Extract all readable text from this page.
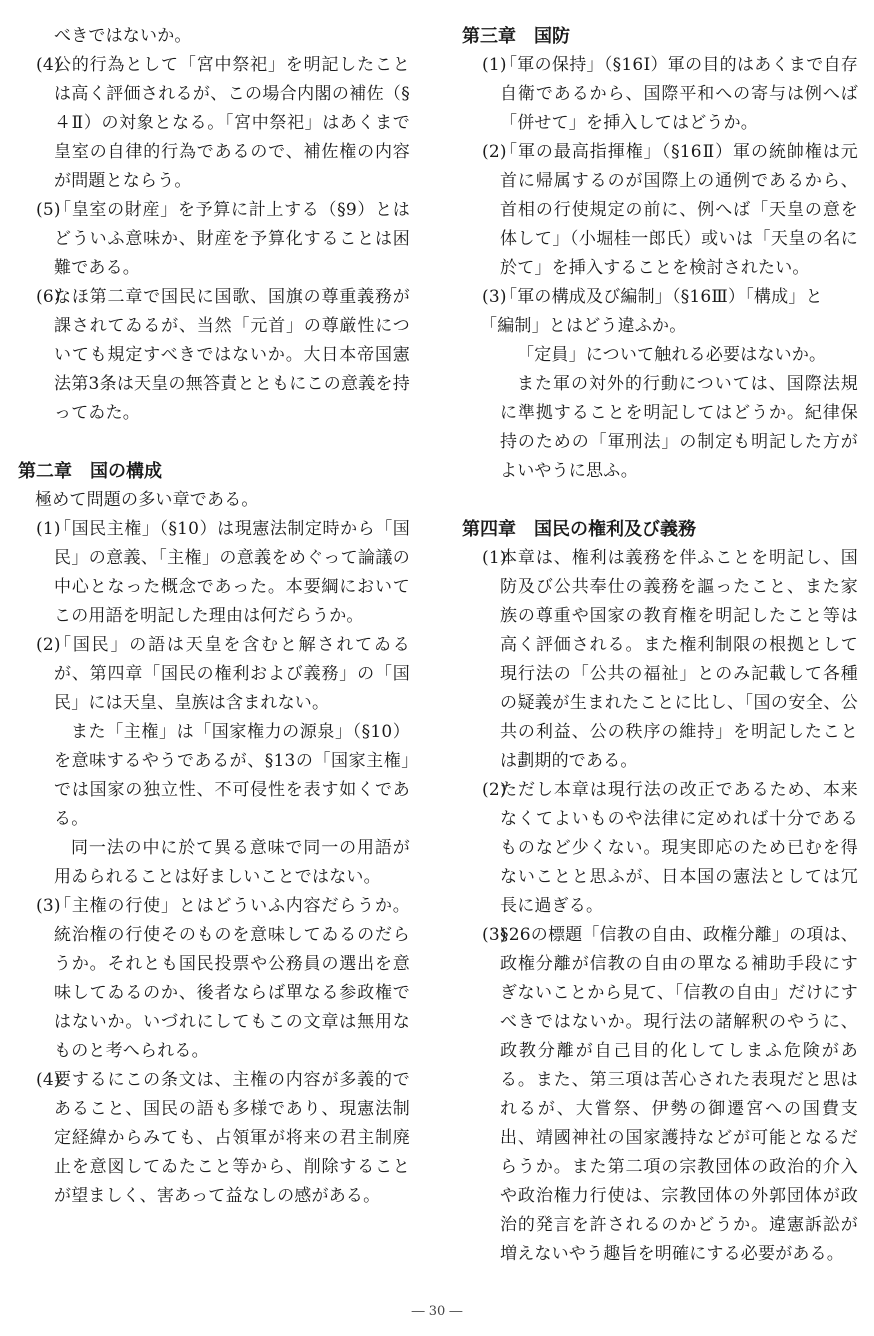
べきではないか。

(4)
公的行為として「宮中祭祀」を明記したことは高く評価されるが、この場合内閣の補佐（§４Ⅱ）の対象となる。「宮中祭祀」はあくまで皇室の自律的行為であるので、補佐権の内容が問題とならう。

(5)
「皇室の財産」を予算に計上する（§9）とはどういふ意味か、財産を予算化することは困難である。

(6)
なほ第二章で国民に国歌、国旗の尊重義務が課されてゐるが、当然「元首」の尊厳性についても規定すべきではないか。大日本帝国憲法第3条は天皇の無答責とともにこの意義を持ってゐた。

第二章　国の構成

極めて問題の多い章である。

(1)
「国民主権」（§10）は現憲法制定時から「国民」の意義、「主権」の意義をめぐって論議の中心となった概念であった。本要綱においてこの用語を明記した理由は何だらうか。

(2)
「国民」の語は天皇を含むと解されてゐるが、第四章「国民の権利および義務」の「国民」には天皇、皇族は含まれない。

また「主権」は「国家権力の源泉」（§10）を意味するやうであるが、§13の「国家主権」では国家の独立性、不可侵性を表す如くである。

同一法の中に於て異る意味で同一の用語が用ゐられることは好ましいことではない。

(3)
「主権の行使」とはどういふ内容だらうか。統治権の行使そのものを意味してゐるのだらうか。それとも国民投票や公務員の選出を意味してゐるのか、後者ならば單なる参政権ではないか。いづれにしてもこの文章は無用なものと考へられる。

(4)
要するにこの条文は、主権の内容が多義的であること、国民の語も多様であり、現憲法制定経緯からみても、占領軍が将来の君主制廃止を意図してゐたこと等から、削除することが望ましく、害あって益なしの感がある。

第三章　国防

(1)
「軍の保持」（§16Ⅰ）軍の目的はあくまで自存自衛であるから、国際平和への寄与は例へば「併せて」を挿入してはどうか。

(2)
「軍の最高指揮権」（§16Ⅱ）軍の統帥権は元首に帰属するのが国際上の通例であるから、首相の行使規定の前に、例へば「天皇の意を体して」（小堀桂一郎氏）或いは「天皇の名に於て」を挿入することを検討されたい。

(3)
「軍の構成及び編制」（§16Ⅲ）「構成」と

「編制」とはどう違ふか。

「定員」について触れる必要はないか。

また軍の対外的行動については、国際法規に準拠することを明記してはどうか。紀律保持のための「軍刑法」の制定も明記した方がよいやうに思ふ。

第四章　国民の権利及び義務

(1)
本章は、権利は義務を伴ふことを明記し、国防及び公共奉仕の義務を謳ったこと、また家族の尊重や国家の教育権を明記したこと等は高く評価される。また権利制限の根拠として現行法の「公共の福祉」とのみ記載して各種の疑義が生まれたことに比し、「国の安全、公共の利益、公の秩序の維持」を明記したことは劃期的である。

(2)
ただし本章は現行法の改正であるため、本来なくてよいものや法律に定めれば十分であるものなど少くない。現実即応のため已むを得ないことと思ふが、日本国の憲法としては冗長に過ぎる。

(3)
§26の標題「信教の自由、政権分離」の項は、政権分離が信教の自由の單なる補助手段にすぎないことから見て、「信教の自由」だけにすべきではないか。現行法の諸解釈のやうに、政教分離が自己目的化してしまふ危険がある。また、第三項は苦心された表現だと思はれるが、大嘗祭、伊勢の御遷宮への国費支出、靖國神社の国家護持などが可能となるだらうか。また第二項の宗教団体の政治的介入や政治権力行使は、宗教団体の外郭団体が政治的発言を許されるのかどうか。違憲訴訟が増えないやう趣旨を明確にする必要がある。

― 30 ―
